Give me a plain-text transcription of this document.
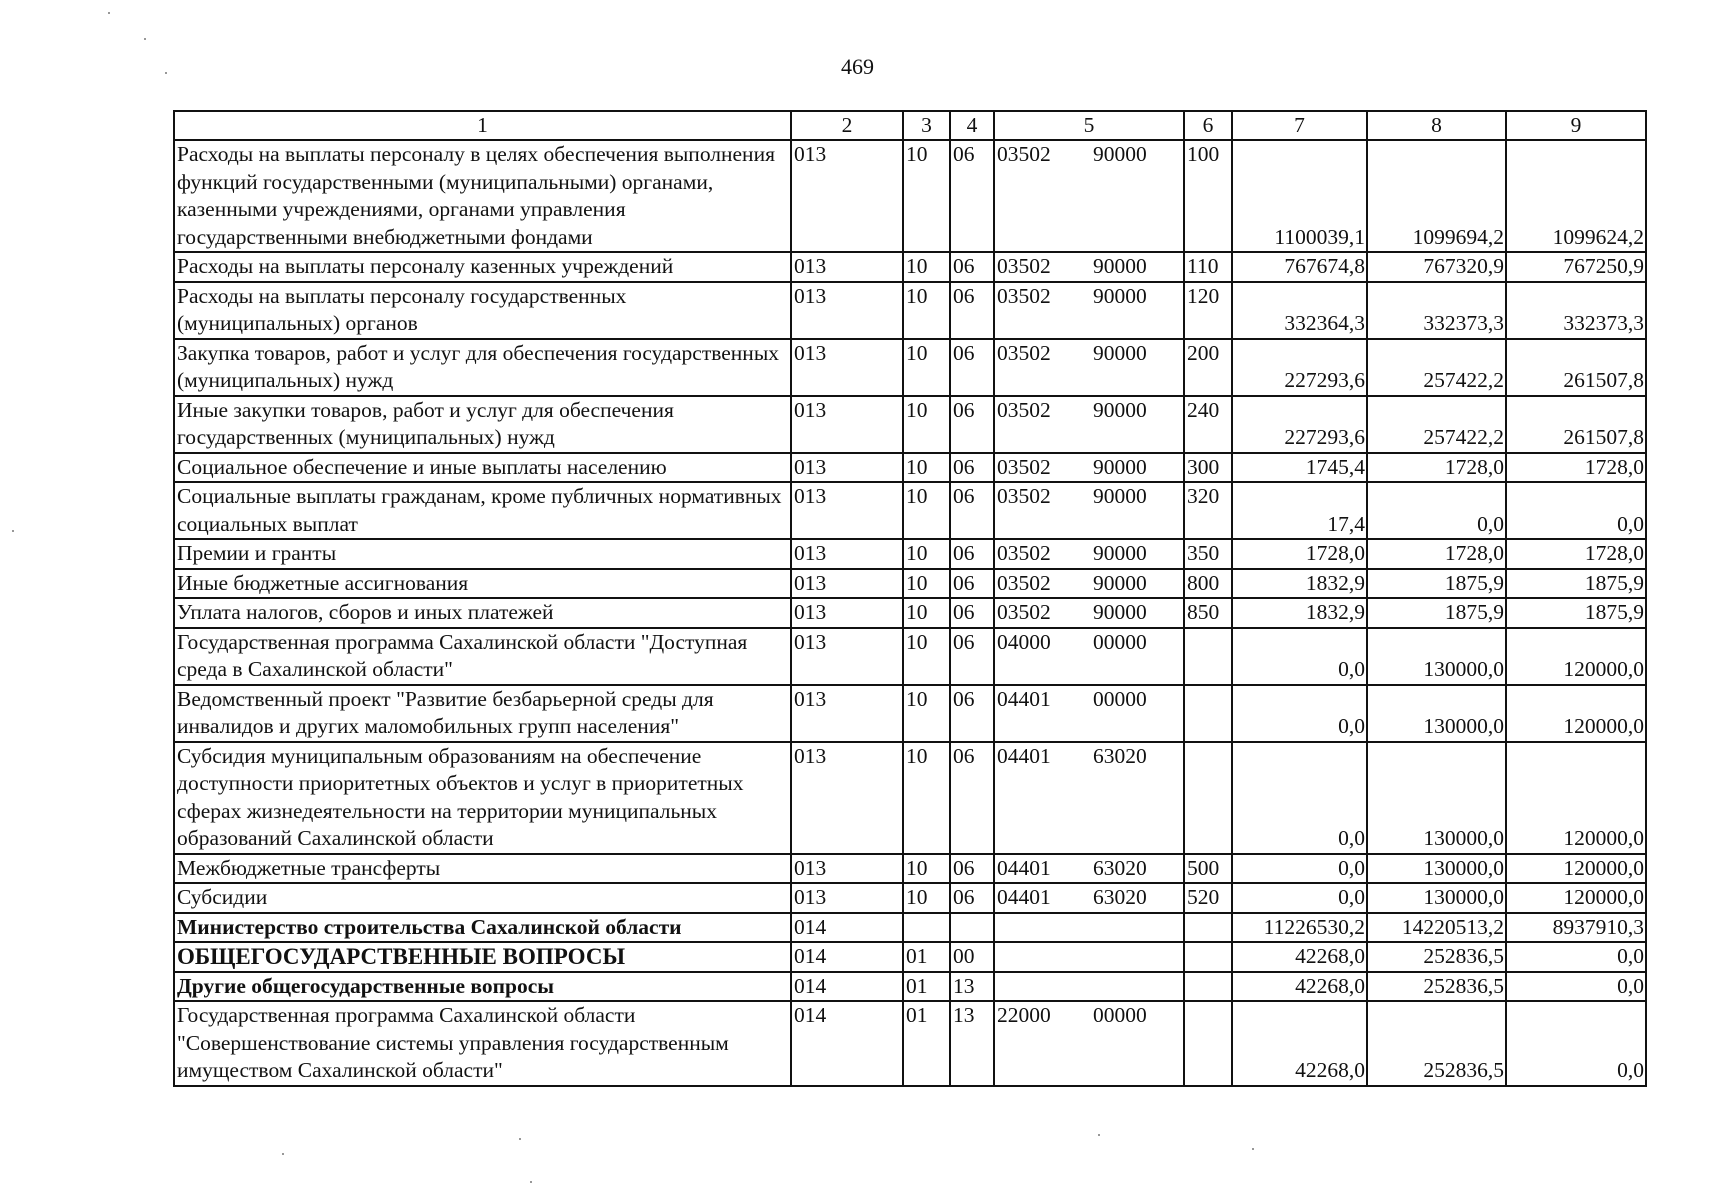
469
1	2	3	4	5	6	7	8	9
Расходы на выплаты персоналу в целях обеспечения выполнения функций государственными (муниципальными) органами, казенными учреждениями, органами управления государственными внебюджетными фондами	013	10	06	03502 90000	100	1100039,1	1099694,2	1099624,2
Расходы на выплаты персоналу казенных учреждений	013	10	06	03502 90000	110	767674,8	767320,9	767250,9
Расходы на выплаты персоналу государственных (муниципальных) органов	013	10	06	03502 90000	120	332364,3	332373,3	332373,3
Закупка товаров, работ и услуг для обеспечения государственных (муниципальных) нужд	013	10	06	03502 90000	200	227293,6	257422,2	261507,8
Иные закупки товаров, работ и услуг для обеспечения государственных (муниципальных) нужд	013	10	06	03502 90000	240	227293,6	257422,2	261507,8
Социальное обеспечение и иные выплаты населению	013	10	06	03502 90000	300	1745,4	1728,0	1728,0
Социальные выплаты гражданам, кроме публичных нормативных социальных выплат	013	10	06	03502 90000	320	17,4	0,0	0,0
Премии и гранты	013	10	06	03502 90000	350	1728,0	1728,0	1728,0
Иные бюджетные ассигнования	013	10	06	03502 90000	800	1832,9	1875,9	1875,9
Уплата налогов, сборов и иных платежей	013	10	06	03502 90000	850	1832,9	1875,9	1875,9
Государственная программа Сахалинской области "Доступная среда в Сахалинской области"	013	10	06	04000 00000		0,0	130000,0	120000,0
Ведомственный проект "Развитие безбарьерной среды для инвалидов и других маломобильных групп населения"	013	10	06	04401 00000		0,0	130000,0	120000,0
Субсидия муниципальным образованиям на обеспечение доступности приоритетных объектов и услуг в приоритетных сферах жизнедеятельности на территории муниципальных образований Сахалинской области	013	10	06	04401 63020		0,0	130000,0	120000,0
Межбюджетные трансферты	013	10	06	04401 63020	500	0,0	130000,0	120000,0
Субсидии	013	10	06	04401 63020	520	0,0	130000,0	120000,0
Министерство строительства Сахалинской области	014					11226530,2	14220513,2	8937910,3
ОБЩЕГОСУДАРСТВЕННЫЕ ВОПРОСЫ	014	01	00			42268,0	252836,5	0,0
Другие общегосударственные вопросы	014	01	13			42268,0	252836,5	0,0
Государственная программа Сахалинской области "Совершенствование системы управления государственным имуществом Сахалинской области"	014	01	13	22000 00000		42268,0	252836,5	0,0
